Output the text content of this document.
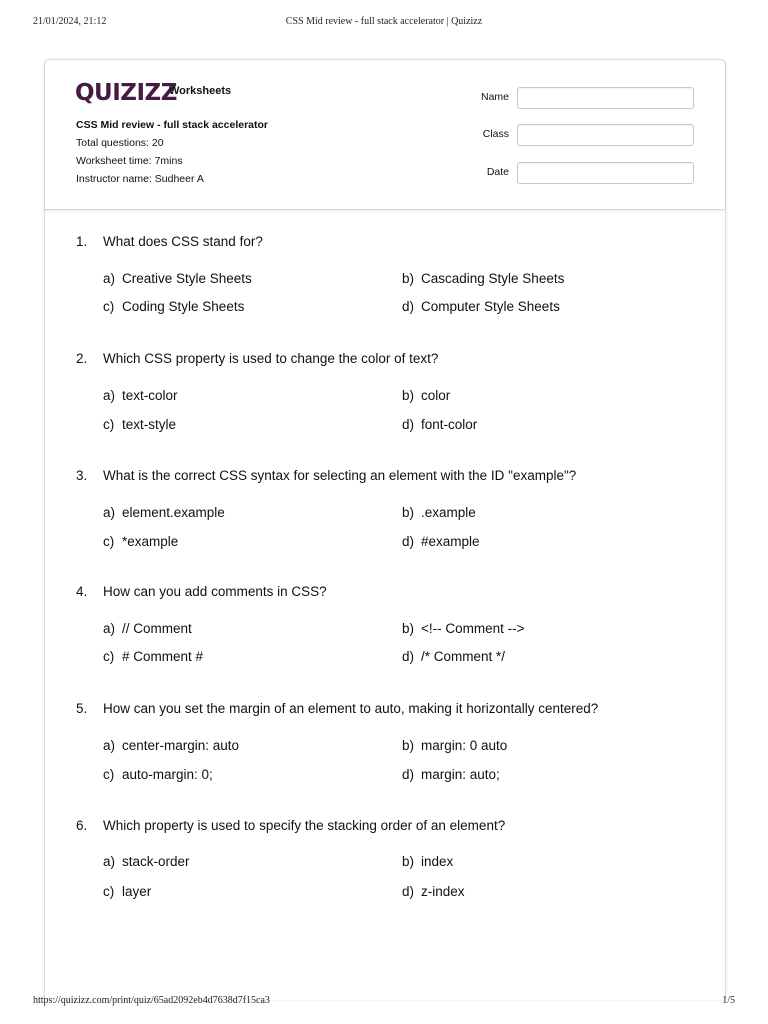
21/01/2024, 21:12	CSS Mid review - full stack accelerator | Quizizz
QUIZIZZ
Worksheets
CSS Mid review - full stack accelerator
Total questions: 20
Worksheet time: 7mins
Instructor name: Sudheer A
Name
Class
Date
1. What does CSS stand for?
a) Creative Style Sheets	b) Cascading Style Sheets
c) Coding Style Sheets	d) Computer Style Sheets
2. Which CSS property is used to change the color of text?
a) text-color	b) color
c) text-style	d) font-color
3. What is the correct CSS syntax for selecting an element with the ID "example"?
a) element.example	b) .example
c) *example	d) #example
4. How can you add comments in CSS?
a) // Comment	b) <!-- Comment -->
c) # Comment #	d) /* Comment */
5. How can you set the margin of an element to auto, making it horizontally centered?
a) center-margin: auto	b) margin: 0 auto
c) auto-margin: 0;	d) margin: auto;
6. Which property is used to specify the stacking order of an element?
a) stack-order	b) index
c) layer	d) z-index
https://quizizz.com/print/quiz/65ad2092eb4d7638d7f15ca3	1/5
